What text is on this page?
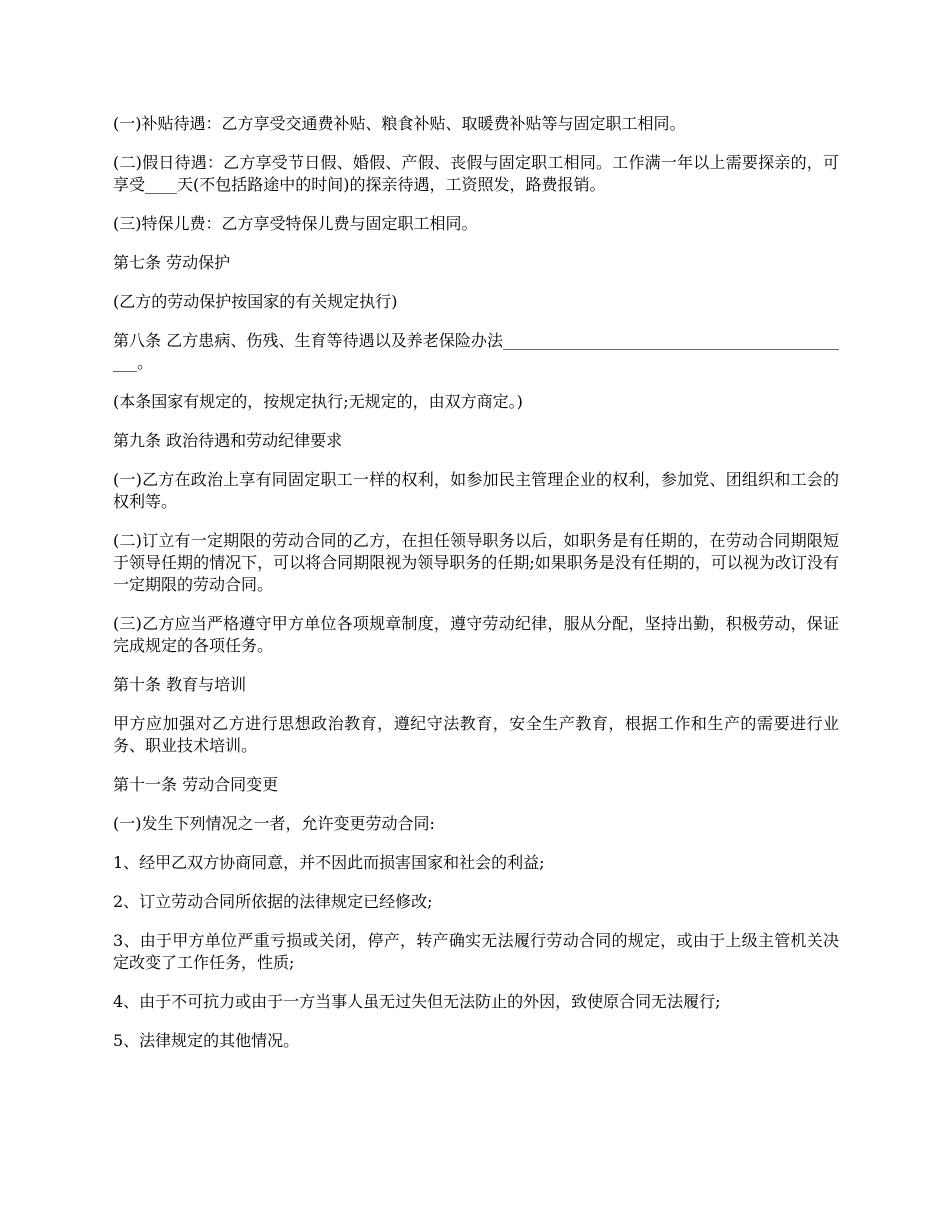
(一)补贴待遇：乙方享受交通费补贴、粮食补贴、取暖费补贴等与固定职工相同。

(二)假日待遇：乙方享受节日假、婚假、产假、丧假与固定职工相同。工作满一年以上需要探亲的，可享受____天(不包括路途中的时间)的探亲待遇，工资照发，路费报销。

(三)特保儿费：乙方享受特保儿费与固定职工相同。

第七条 劳动保护

(乙方的劳动保护按国家的有关规定执行)

第八条 乙方患病、伤残、生育等待遇以及养老保险办法_____________________________________________。

(本条国家有规定的，按规定执行;无规定的，由双方商定。)

第九条 政治待遇和劳动纪律要求

(一)乙方在政治上享有同固定职工一样的权利，如参加民主管理企业的权利，参加党、团组织和工会的权利等。

(二)订立有一定期限的劳动合同的乙方，在担任领导职务以后，如职务是有任期的，在劳动合同期限短于领导任期的情况下，可以将合同期限视为领导职务的任期;如果职务是没有任期的，可以视为改订没有一定期限的劳动合同。

(三)乙方应当严格遵守甲方单位各项规章制度，遵守劳动纪律，服从分配，坚持出勤，积极劳动，保证完成规定的各项任务。

第十条 教育与培训

甲方应加强对乙方进行思想政治教育，遵纪守法教育，安全生产教育，根据工作和生产的需要进行业务、职业技术培训。

第十一条 劳动合同变更

(一)发生下列情况之一者，允许变更劳动合同:

1、经甲乙双方协商同意，并不因此而损害国家和社会的利益;

2、订立劳动合同所依据的法律规定已经修改;

3、由于甲方单位严重亏损或关闭，停产，转产确实无法履行劳动合同的规定，或由于上级主管机关决定改变了工作任务，性质;

4、由于不可抗力或由于一方当事人虽无过失但无法防止的外因，致使原合同无法履行;

5、法律规定的其他情况。
